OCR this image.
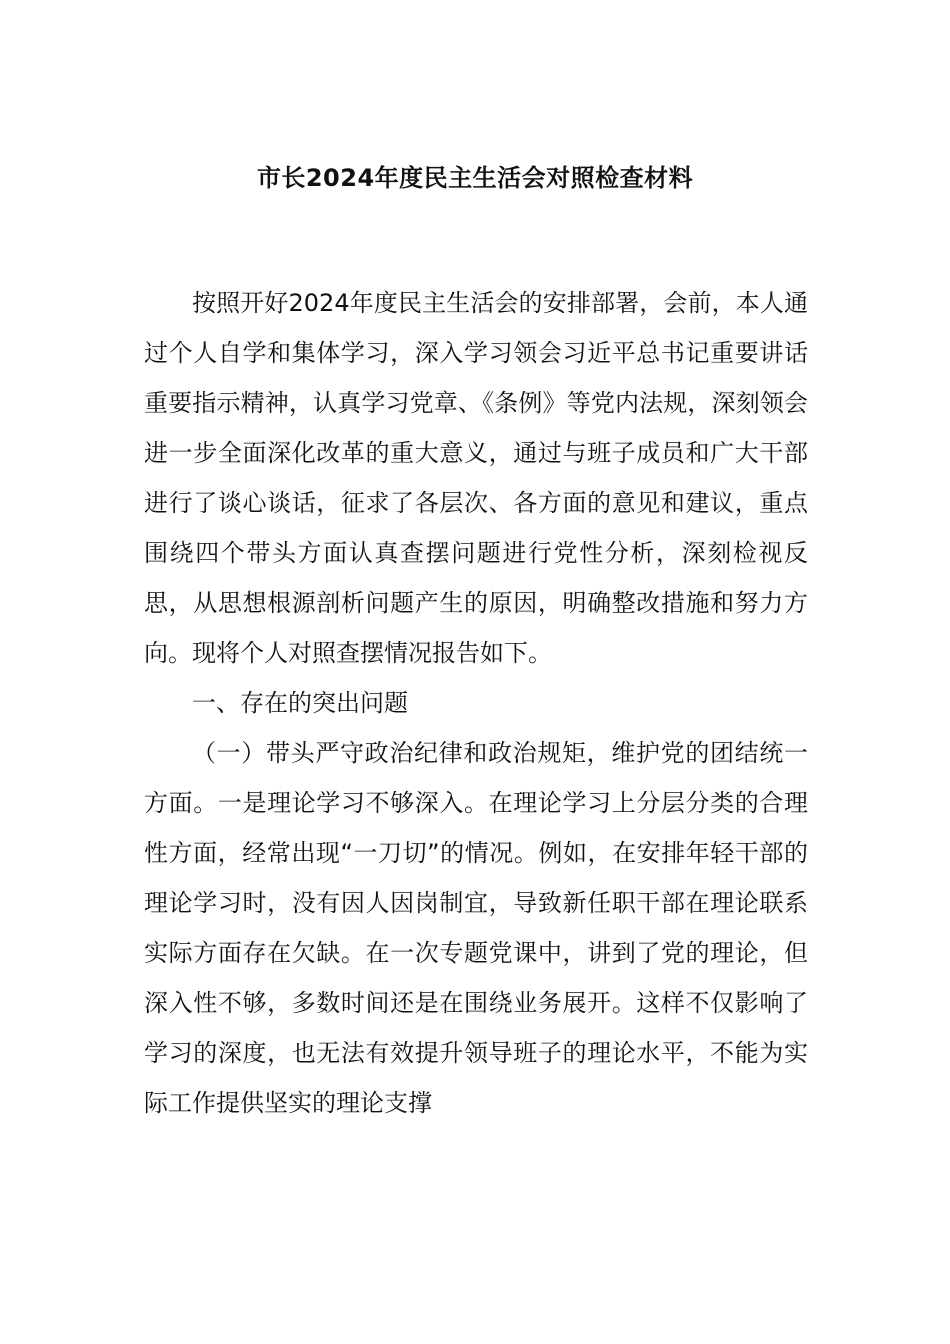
市长2024年度民主生活会对照检查材料

按照开好2024年度民主生活会的安排部署，会前，本人通过个人自学和集体学习，深入学习领会习近平总书记重要讲话重要指示精神，认真学习党章、《条例》等党内法规，深刻领会进一步全面深化改革的重大意义，通过与班子成员和广大干部进行了谈心谈话，征求了各层次、各方面的意见和建议，重点围绕四个带头方面认真查摆问题进行党性分析，深刻检视反思，从思想根源剖析问题产生的原因，明确整改措施和努力方向。现将个人对照查摆情况报告如下。

一、存在的突出问题

（一）带头严守政治纪律和政治规矩，维护党的团结统一方面。一是理论学习不够深入。在理论学习上分层分类的合理性方面，经常出现“一刀切”的情况。例如，在安排年轻干部的理论学习时，没有因人因岗制宜，导致新任职干部在理论联系实际方面存在欠缺。在一次专题党课中，讲到了党的理论，但深入性不够，多数时间还是在围绕业务展开。这样不仅影响了学习的深度，也无法有效提升领导班子的理论水平，不能为实际工作提供坚实的理论支撑
